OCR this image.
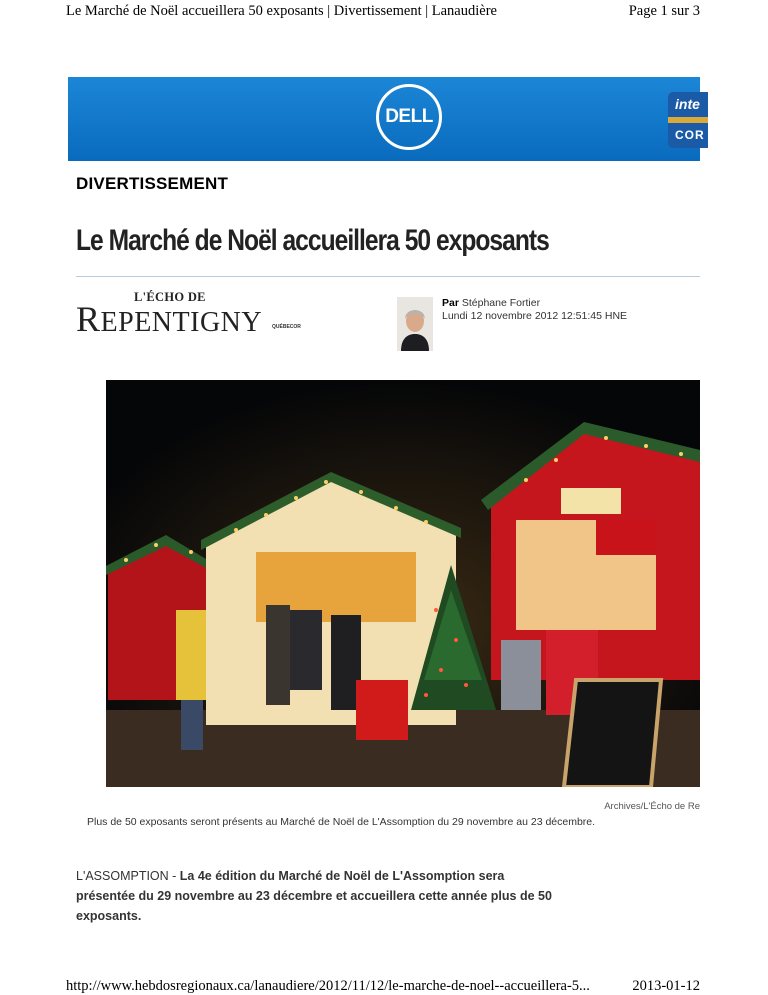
Le Marché de Noël accueillera 50 exposants | Divertissement | Lanaudière	Page 1 sur 3
DELL
inte
COR
DIVERTISSEMENT
Le Marché de Noël accueillera 50 exposants
L'ÉCHO DE
REPENTIGNY QUÉBECOR
Par Stéphane Fortier
Lundi 12 novembre 2012 12:51:45 HNE
Archives/L'Écho de Re
Plus de 50 exposants seront présents au Marché de Noël de L'Assomption du 29 novembre au 23 décembre.

L'ASSOMPTION - La 4e édition du Marché de Noël de L'Assomption sera présentée du 29 novembre au 23 décembre et accueillera cette année plus de 50 exposants.

http://www.hebdosregionaux.ca/lanaudiere/2012/11/12/le-marche-de-noel--accueillera-5...	2013-01-12
